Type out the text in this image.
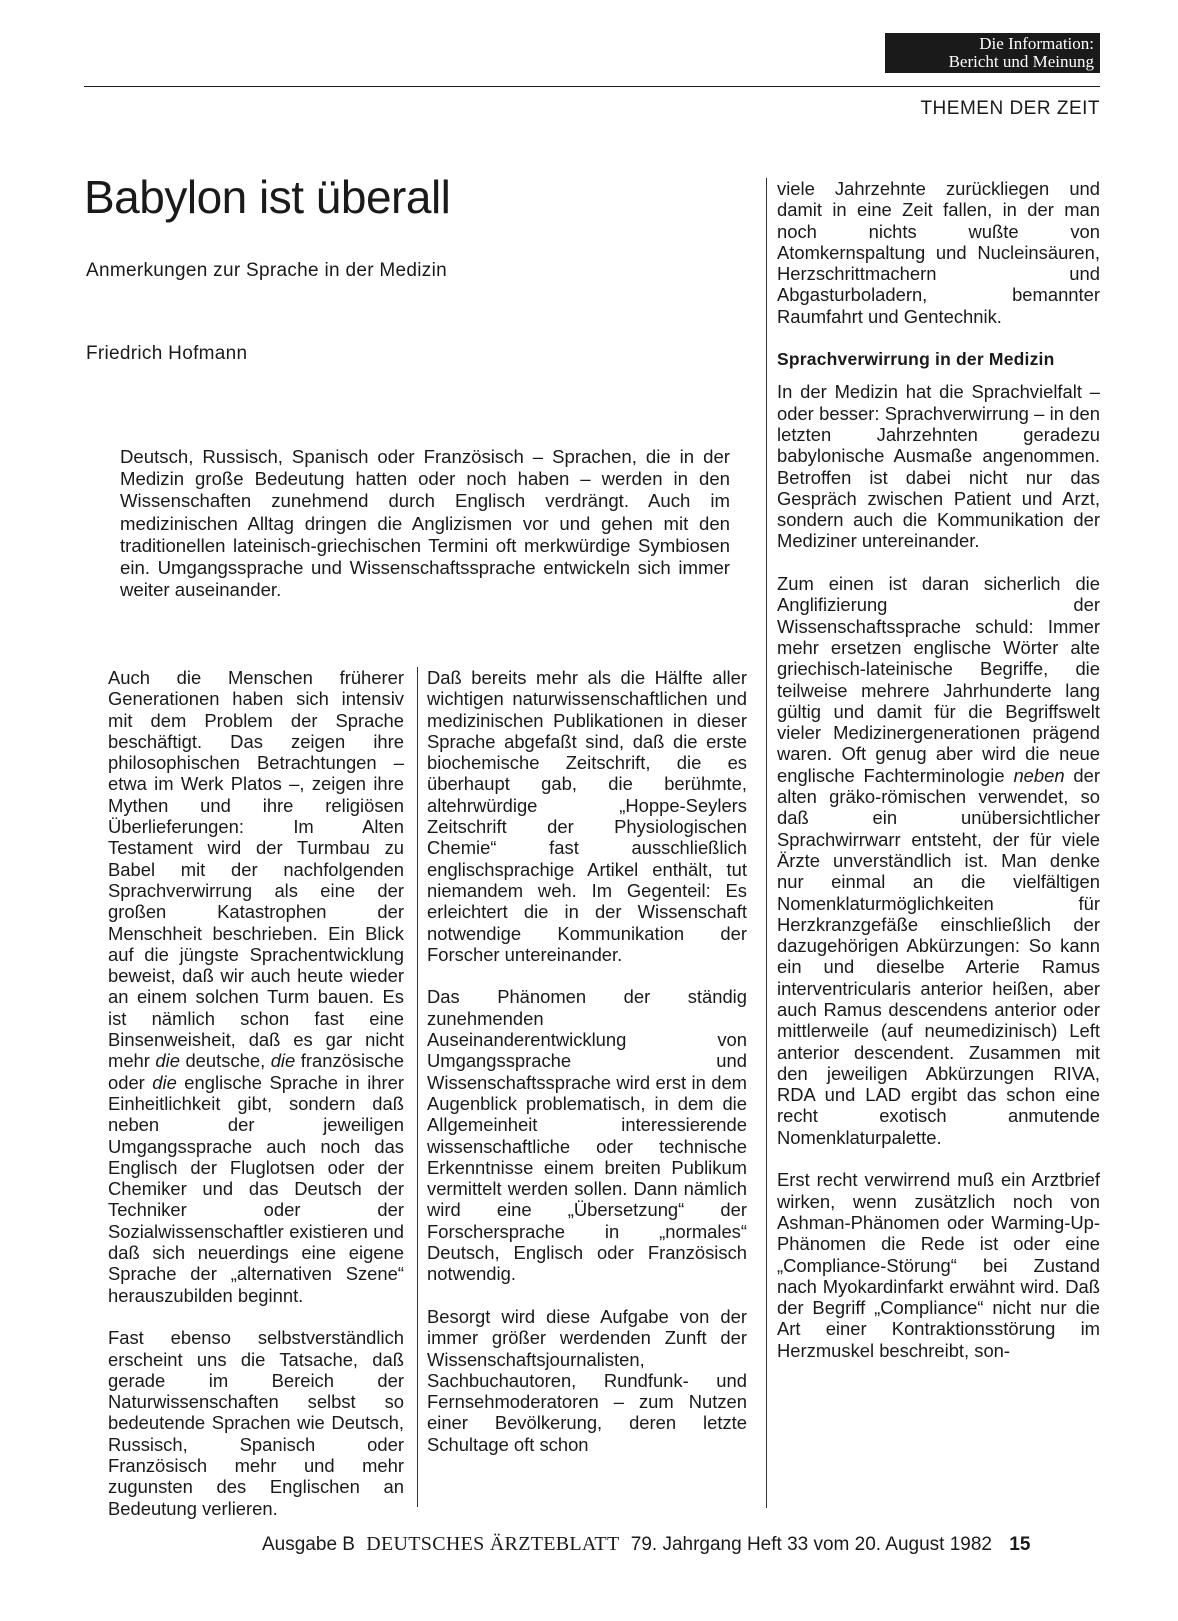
Die Information:
Bericht und Meinung
THEMEN DER ZEIT
Babylon ist überall
Anmerkungen zur Sprache in der Medizin
Friedrich Hofmann
Deutsch, Russisch, Spanisch oder Französisch – Sprachen, die in der Medizin große Bedeutung hatten oder noch haben – werden in den Wissenschaften zunehmend durch Englisch verdrängt. Auch im medizinischen Alltag dringen die Anglizismen vor und gehen mit den traditionellen lateinisch-griechischen Termini oft merkwürdige Symbiosen ein. Umgangssprache und Wissenschaftssprache entwickeln sich immer weiter auseinander.

Auch die Menschen früherer Generationen haben sich intensiv mit dem Problem der Sprache beschäftigt. Das zeigen ihre philosophischen Betrachtungen – etwa im Werk Platos –, zeigen ihre Mythen und ihre religiösen Überlieferungen: Im Alten Testament wird der Turmbau zu Babel mit der nachfolgenden Sprachverwirrung als eine der großen Katastrophen der Menschheit beschrieben. Ein Blick auf die jüngste Sprachentwicklung beweist, daß wir auch heute wieder an einem solchen Turm bauen. Es ist nämlich schon fast eine Binsenweisheit, daß es gar nicht mehr die deutsche, die französische oder die englische Sprache in ihrer Einheitlichkeit gibt, sondern daß neben der jeweiligen Umgangssprache auch noch das Englisch der Fluglotsen oder der Chemiker und das Deutsch der Techniker oder der Sozialwissenschaftler existieren und daß sich neuerdings eine eigene Sprache der „alternativen Szene“ herauszubilden beginnt.

Fast ebenso selbstverständlich erscheint uns die Tatsache, daß gerade im Bereich der Naturwissenschaften selbst so bedeutende Sprachen wie Deutsch, Russisch, Spanisch oder Französisch mehr und mehr zugunsten des Englischen an Bedeutung verlieren.

Daß bereits mehr als die Hälfte aller wichtigen naturwissenschaftlichen und medizinischen Publikationen in dieser Sprache abgefaßt sind, daß die erste biochemische Zeitschrift, die es überhaupt gab, die berühmte, altehrwürdige „Hoppe-Seylers Zeitschrift der Physiologischen Chemie“ fast ausschließlich englischsprachige Artikel enthält, tut niemandem weh. Im Gegenteil: Es erleichtert die in der Wissenschaft notwendige Kommunikation der Forscher untereinander.

Das Phänomen der ständig zunehmenden Auseinanderentwicklung von Umgangssprache und Wissenschaftssprache wird erst in dem Augenblick problematisch, in dem die Allgemeinheit interessierende wissenschaftliche oder technische Erkenntnisse einem breiten Publikum vermittelt werden sollen. Dann nämlich wird eine „Übersetzung“ der Forschersprache in „normales“ Deutsch, Englisch oder Französisch notwendig.

Besorgt wird diese Aufgabe von der immer größer werdenden Zunft der Wissenschaftsjournalisten, Sachbuchautoren, Rundfunk- und Fernsehmoderatoren – zum Nutzen einer Bevölkerung, deren letzte Schultage oft schon

viele Jahrzehnte zurückliegen und damit in eine Zeit fallen, in der man noch nichts wußte von Atomkernspaltung und Nucleinsäuren, Herzschrittmachern und Abgasturboladern, bemannter Raumfahrt und Gentechnik.

Sprachverwirrung in der Medizin

In der Medizin hat die Sprachvielfalt – oder besser: Sprachverwirrung – in den letzten Jahrzehnten geradezu babylonische Ausmaße angenommen. Betroffen ist dabei nicht nur das Gespräch zwischen Patient und Arzt, sondern auch die Kommunikation der Mediziner untereinander.

Zum einen ist daran sicherlich die Anglifizierung der Wissenschaftssprache schuld: Immer mehr ersetzen englische Wörter alte griechisch-lateinische Begriffe, die teilweise mehrere Jahrhunderte lang gültig und damit für die Begriffswelt vieler Medizinergenerationen prägend waren. Oft genug aber wird die neue englische Fachterminologie neben der alten gräko-römischen verwendet, so daß ein unübersichtlicher Sprachwirrwarr entsteht, der für viele Ärzte unverständlich ist. Man denke nur einmal an die vielfältigen Nomenklaturmöglichkeiten für Herzkranzgefäße einschließlich der dazugehörigen Abkürzungen: So kann ein und dieselbe Arterie Ramus interventricularis anterior heißen, aber auch Ramus descendens anterior oder mittlerweile (auf neumedizinisch) Left anterior descendent. Zusammen mit den jeweiligen Abkürzungen RIVA, RDA und LAD ergibt das schon eine recht exotisch anmutende Nomenklaturpalette.

Erst recht verwirrend muß ein Arztbrief wirken, wenn zusätzlich noch von Ashman-Phänomen oder Warming-Up-Phänomen die Rede ist oder eine „Compliance-Störung“ bei Zustand nach Myokardinfarkt erwähnt wird. Daß der Begriff „Compliance“ nicht nur die Art einer Kontraktionsstörung im Herzmuskel beschreibt, son-

Ausgabe B DEUTSCHES ÄRZTEBLATT 79. Jahrgang Heft 33 vom 20. August 1982 15
